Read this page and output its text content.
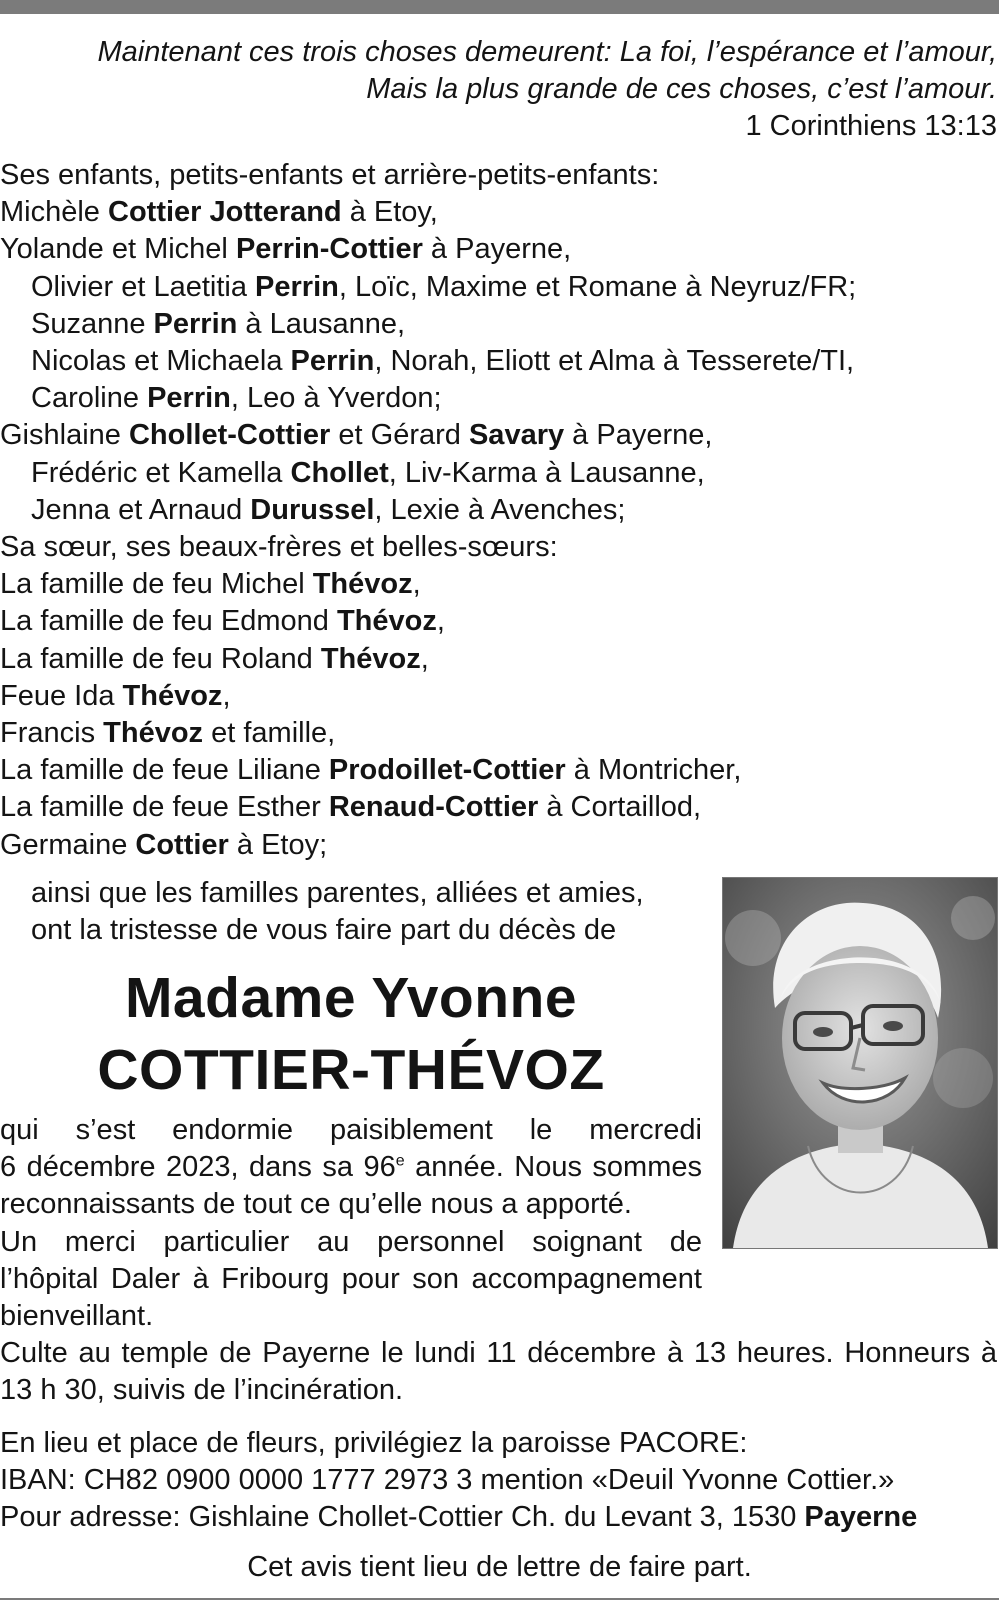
Maintenant ces trois choses demeurent: La foi, l’espérance et l’amour,
Mais la plus grande de ces choses, c’est l’amour.
1 Corinthiens 13:13
Ses enfants, petits-enfants et arrière-petits-enfants:
Michèle Cottier Jotterand à Etoy,
Yolande et Michel Perrin-Cottier à Payerne,
Olivier et Laetitia Perrin, Loïc, Maxime et Romane à Neyruz/FR;
Suzanne Perrin à Lausanne,
Nicolas et Michaela Perrin, Norah, Eliott et Alma à Tesserete/TI,
Caroline Perrin, Leo à Yverdon;
Gishlaine Chollet-Cottier et Gérard Savary à Payerne,
Frédéric et Kamella Chollet, Liv-Karma à Lausanne,
Jenna et Arnaud Durussel, Lexie à Avenches;
Sa sœur, ses beaux-frères et belles-sœurs:
La famille de feu Michel Thévoz,
La famille de feu Edmond Thévoz,
La famille de feu Roland Thévoz,
Feue Ida Thévoz,
Francis Thévoz et famille,
La famille de feue Liliane Prodoillet-Cottier à Montricher,
La famille de feue Esther Renaud-Cottier à Cortaillod,
Germaine Cottier à Etoy;
ainsi que les familles parentes, alliées et amies,
ont la tristesse de vous faire part du décès de
Madame Yvonne
COTTIER-THÉVOZ
qui s’est endormie paisiblement le mercredi
6 décembre 2023, dans sa 96e année. Nous sommes
reconnaissants de tout ce qu’elle nous a apporté.
Un merci particulier au personnel soignant de
l’hôpital Daler à Fribourg pour son accompagnement
bienveillant.
Culte au temple de Payerne le lundi 11 décembre à 13 heures. Honneurs à 13 h 30, suivis de l’incinération.
En lieu et place de fleurs, privilégiez la paroisse PACORE:
IBAN: CH82 0900 0000 1777 2973 3 mention «Deuil Yvonne Cottier.»
Pour adresse: Gishlaine Chollet-Cottier Ch. du Levant 3, 1530 Payerne
Cet avis tient lieu de lettre de faire part.
